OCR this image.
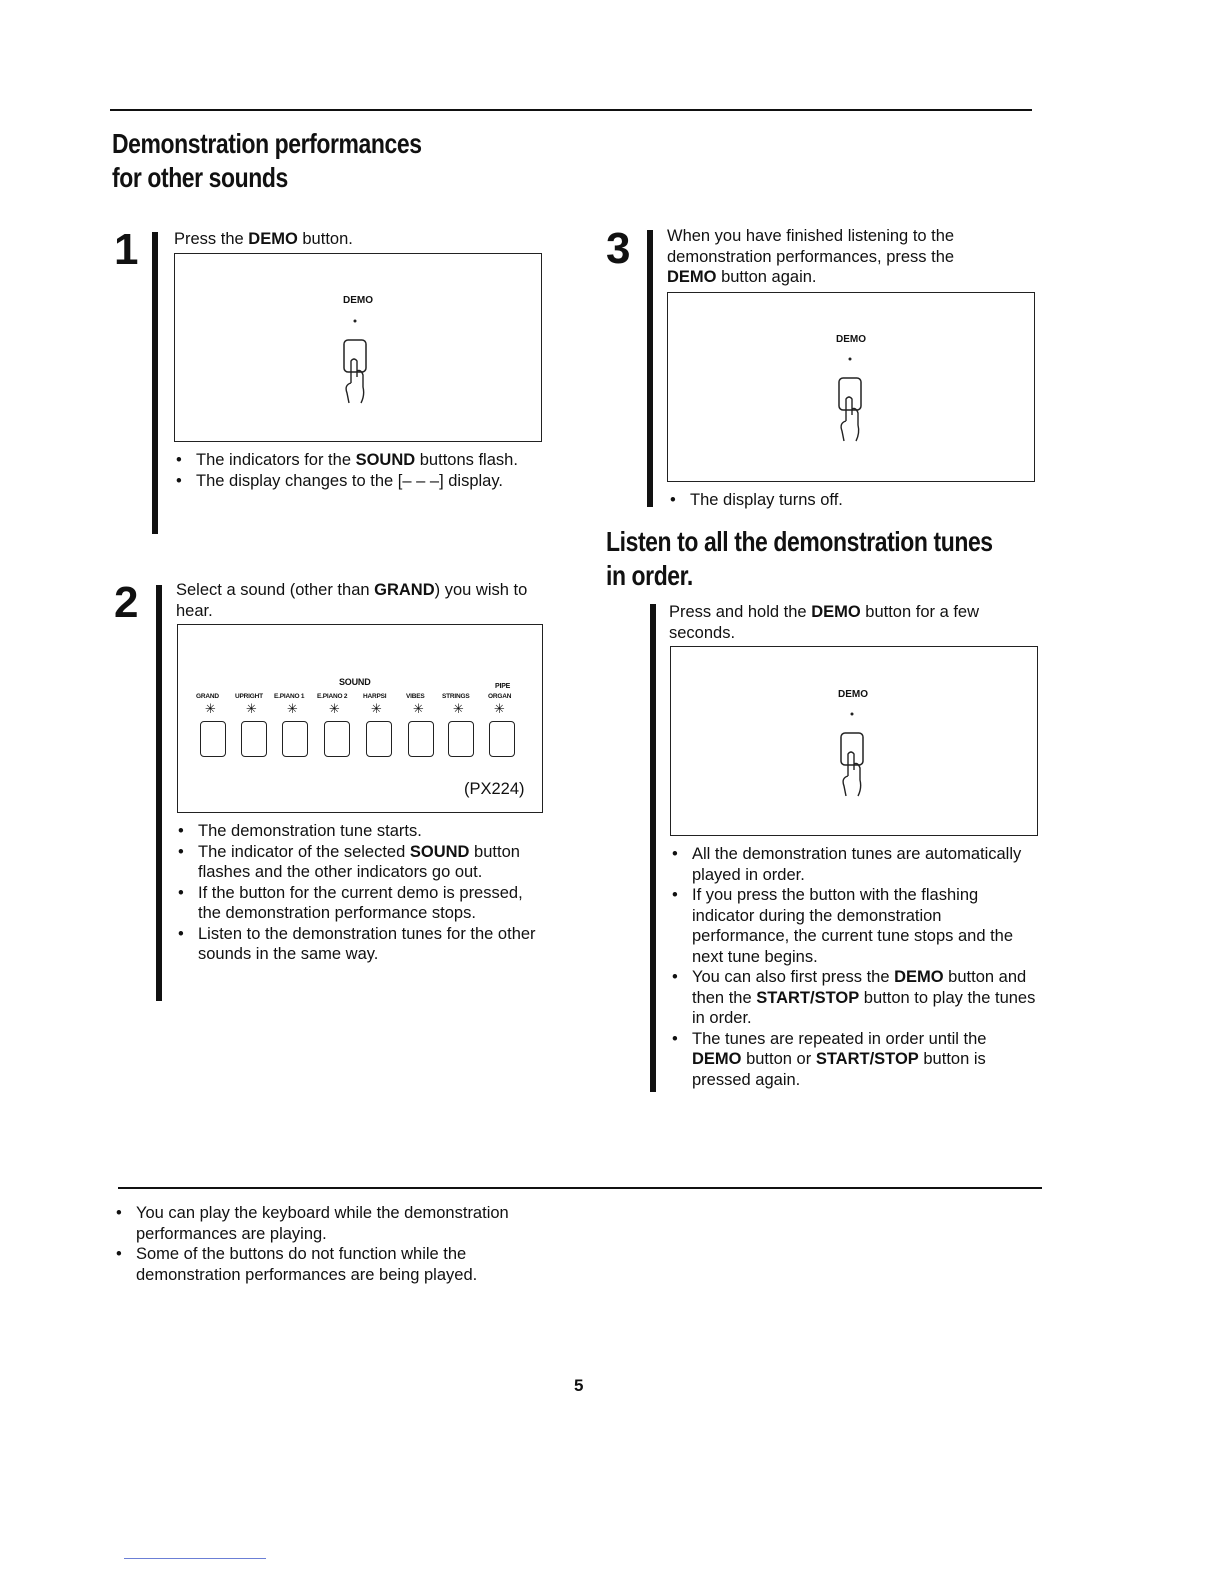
Demonstration performances
for other sounds
1 Press the DEMO button.
DEMO
• The indicators for the SOUND buttons flash.
• The display changes to the [– – –] display.
2 Select a sound (other than GRAND) you wish to hear.
SOUND	PIPE
GRAND UPRIGHT E.PIANO 1 E.PIANO 2 HARPSI	VIBES	STRINGS	ORGAN
✳ ✳ ✳ ✳ ✳ ✳ ✳ ✳
(PX224)
• The demonstration tune starts.
• The indicator of the selected SOUND button flashes and the other indicators go out.
• If the button for the current demo is pressed, the demonstration performance stops.
• Listen to the demonstration tunes for the other sounds in the same way.
3 When you have finished listening to the demonstration performances, press the DEMO button again.
DEMO
• The display turns off.
Listen to all the demonstration tunes
in order.
Press and hold the DEMO button for a few seconds.
DEMO
• All the demonstration tunes are automatically played in order.
• If you press the button with the flashing indicator during the demonstration performance, the current tune stops and the next tune begins.
• You can also first press the DEMO button and then the START/STOP button to play the tunes in order.
• The tunes are repeated in order until the DEMO button or START/STOP button is pressed again.
• You can play the keyboard while the demonstration performances are playing.
• Some of the buttons do not function while the demonstration performances are being played.
5
